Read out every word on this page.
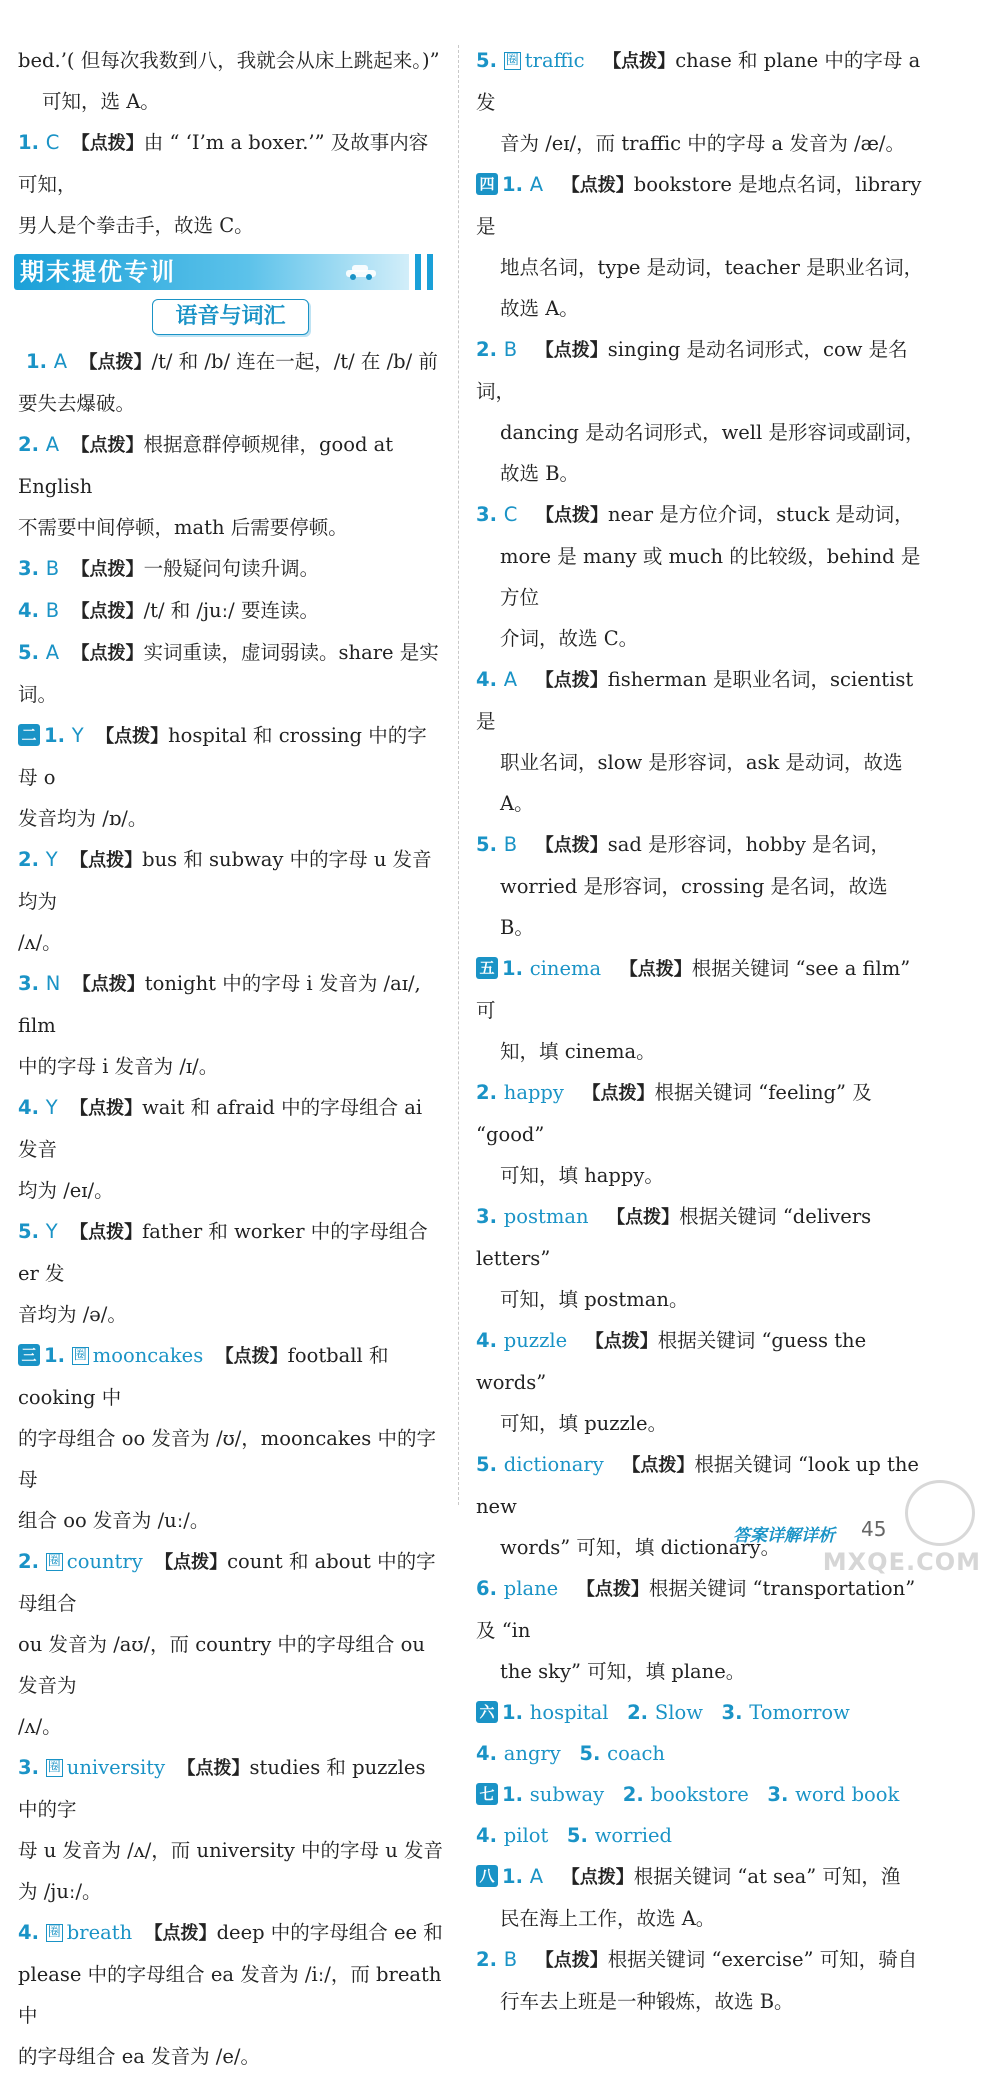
bed.’( 但每次我数到八，我就会从床上跳起来。)”

可知，选 A。

1. C 【点拨】由 “ ‘I’m a boxer.’” 及故事内容可知，

男人是个拳击手，故选 C。

期末提优专训
语音与词汇

1. A 【点拨】/t/ 和 /b/ 连在一起，/t/ 在 /b/ 前

要失去爆破。

2. A 【点拨】根据意群停顿规律，good at English

不需要中间停顿，math 后需要停顿。

3. B 【点拨】一般疑问句读升调。

4. B 【点拨】/t/ 和 /juː/ 要连读。

5. A 【点拨】实词重读，虚词弱读。share 是实词。

二 1. Y 【点拨】hospital 和 crossing 中的字母 o

发音均为 /ɒ/。

2. Y 【点拨】bus 和 subway 中的字母 u 发音均为

/ʌ/。

3. N 【点拨】tonight 中的字母 i 发音为 /aɪ/, film

中的字母 i 发音为 /ɪ/。

4. Y 【点拨】wait 和 afraid 中的字母组合 ai 发音

均为 /eɪ/。

5. Y 【点拨】father 和 worker 中的字母组合 er 发

音均为 /ə/。

三 1. 圈 mooncakes 【点拨】football 和 cooking 中

的字母组合 oo 发音为 /ʊ/，mooncakes 中的字母

组合 oo 发音为 /uː/。

2. 圈 country 【点拨】count 和 about 中的字母组合

ou 发音为 /aʊ/，而 country 中的字母组合 ou 发音为

/ʌ/。

3. 圈 university 【点拨】studies 和 puzzles 中的字

母 u 发音为 /ʌ/，而 university 中的字母 u 发音

为 /juː/。

4. 圈 breath 【点拨】deep 中的字母组合 ee 和

please 中的字母组合 ea 发音为 /iː/，而 breath 中

的字母组合 ea 发音为 /e/。

5. 圈 traffic 【点拨】chase 和 plane 中的字母 a 发

音为 /eɪ/，而 traffic 中的字母 a 发音为 /æ/。

四 1. A 【点拨】bookstore 是地点名词，library 是

地点名词，type 是动词，teacher 是职业名词，

故选 A。

2. B 【点拨】singing 是动名词形式，cow 是名词，

dancing 是动名词形式，well 是形容词或副词，

故选 B。

3. C 【点拨】near 是方位介词，stuck 是动词，

more 是 many 或 much 的比较级，behind 是方位

介词，故选 C。

4. A 【点拨】fisherman 是职业名词，scientist 是

职业名词，slow 是形容词，ask 是动词，故选 A。

5. B 【点拨】sad 是形容词，hobby 是名词，

worried 是形容词，crossing 是名词，故选 B。

五 1. cinema 【点拨】根据关键词 “see a film” 可

知，填 cinema。

2. happy 【点拨】根据关键词 “feeling” 及 “good”

可知，填 happy。

3. postman 【点拨】根据关键词 “delivers letters”

可知，填 postman。

4. puzzle 【点拨】根据关键词 “guess the words”

可知，填 puzzle。

5. dictionary 【点拨】根据关键词 “look up the new

words” 可知，填 dictionary。

6. plane 【点拨】根据关键词 “transportation” 及 “in

the sky” 可知，填 plane。

六 1. hospital 2. Slow 3. Tomorrow

4. angry 5. coach

七 1. subway 2. bookstore 3. word book

4. pilot 5. worried

八 1. A 【点拨】根据关键词 “at sea” 可知，渔

民在海上工作，故选 A。

2. B 【点拨】根据关键词 “exercise” 可知，骑自

行车去上班是一种锻炼，故选 B。

答案详解详析 45
MXQE.COM
